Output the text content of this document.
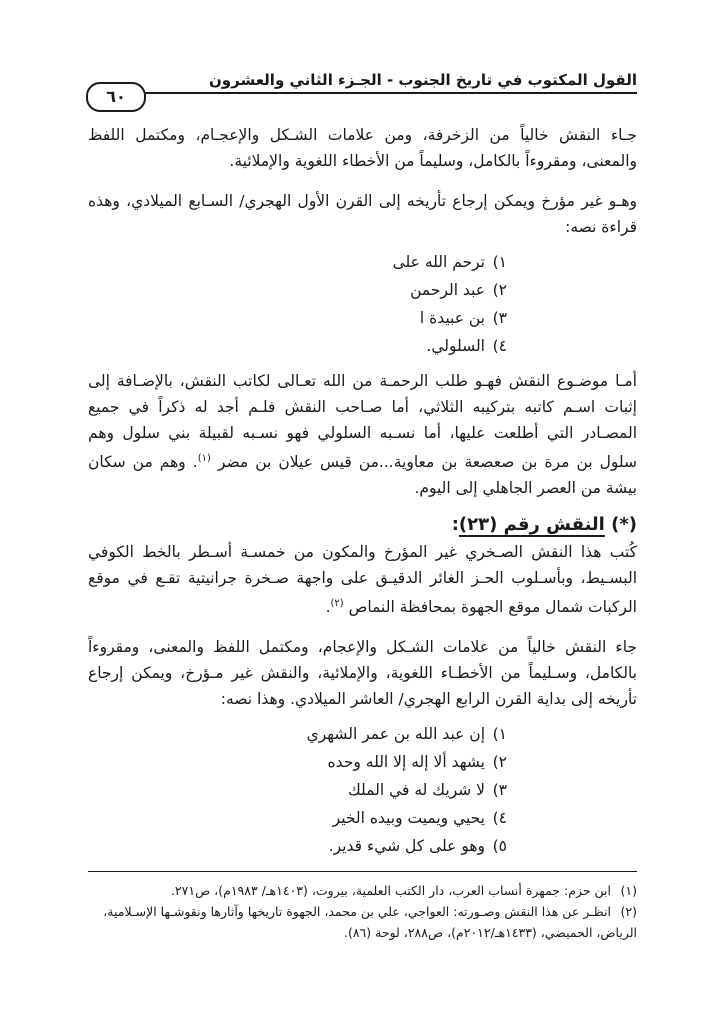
القول المكتوب في تاريخ الجنوب - الجـزء الثاني والعشرون
٦٠

جـاء النقش خالياً من الزخرفة، ومن علامات الشـكل والإعجـام، ومكتمل اللفظ والمعنى، ومقروءاً بالكامل، وسليماً من الأخطاء اللغوية والإملائية.

وهـو غير مؤرخ ويمكن إرجاع تأريخه إلى القرن الأول الهجري/ السـابع الميلادي، وهذه قراءة نصه:

١)ترحم الله على
٢)عبد الرحمن
٣)بن عبيدة ا
٤)السلولي.

أمـا موضـوع النقش فهـو طلب الرحمـة من الله تعـالى لكاتب النقش، بالإضـافة إلى إثبات اسـم كاتبه بتركيبه الثلاثي، أما صـاحب النقش فلـم أجد له ذكراً في جميع المصـادر التي أطلعت عليها، أما نسـبه السلولي فهو نسـبه لقبيلة بني سلول وهم سلول بن مرة بن صعصعة بن معاوية...من قيس عيلان بن مضر $^{(١)}$. وهم من سكان بيشة من العصر الجاهلي إلى اليوم.

(*) النقش رقم (٢٣):

كُتب هذا النقش الصـخري غير المؤرخ والمكون من خمسـة أسـطر بالخط الكوفي البسـيط، وبأسـلوب الحـز الغائر الدقيـق على واجهة صـخرة جرانيتية تقـع في موقع الركبات شمال موقع الجهوة بمحافظة النماص $^{(٢)}$.

جاء النقش خالياً من علامات الشـكل والإعجام، ومكتمل اللفظ والمعنى، ومقروءاً بالكامل، وسـليماً من الأخطـاء اللغوية، والإملائية، والنقش غير مـؤرخ، ويمكن إرجاع تأريخه إلى بداية القرن الرابع الهجري/ العاشر الميلادي. وهذا نصه:

١)إن عبد الله بن عمر الشهري
٢)يشهد ألا إله إلا الله وحده
٣)لا شريك له في الملك
٤)يحيي ويميت وبيده الخير
٥)وهو على كل شيء قدير.

(١) ابن حزم: جمهرة أنساب العرب، دار الكتب العلمية، بيروت، (١٤٠٣هـ/ ١٩٨٣م)، ص٢٧١.

(٢) انظـر عن هذا النقش وصـورته: العواجي، علي بن محمد، الجهوة تاريخها وآثارها ونقوشـها الإسـلامية، الرياض، الحميضي، (١٤٣٣هـ/٢٠١٢م)، ص٢٨٨، لوحة (٨٦).
